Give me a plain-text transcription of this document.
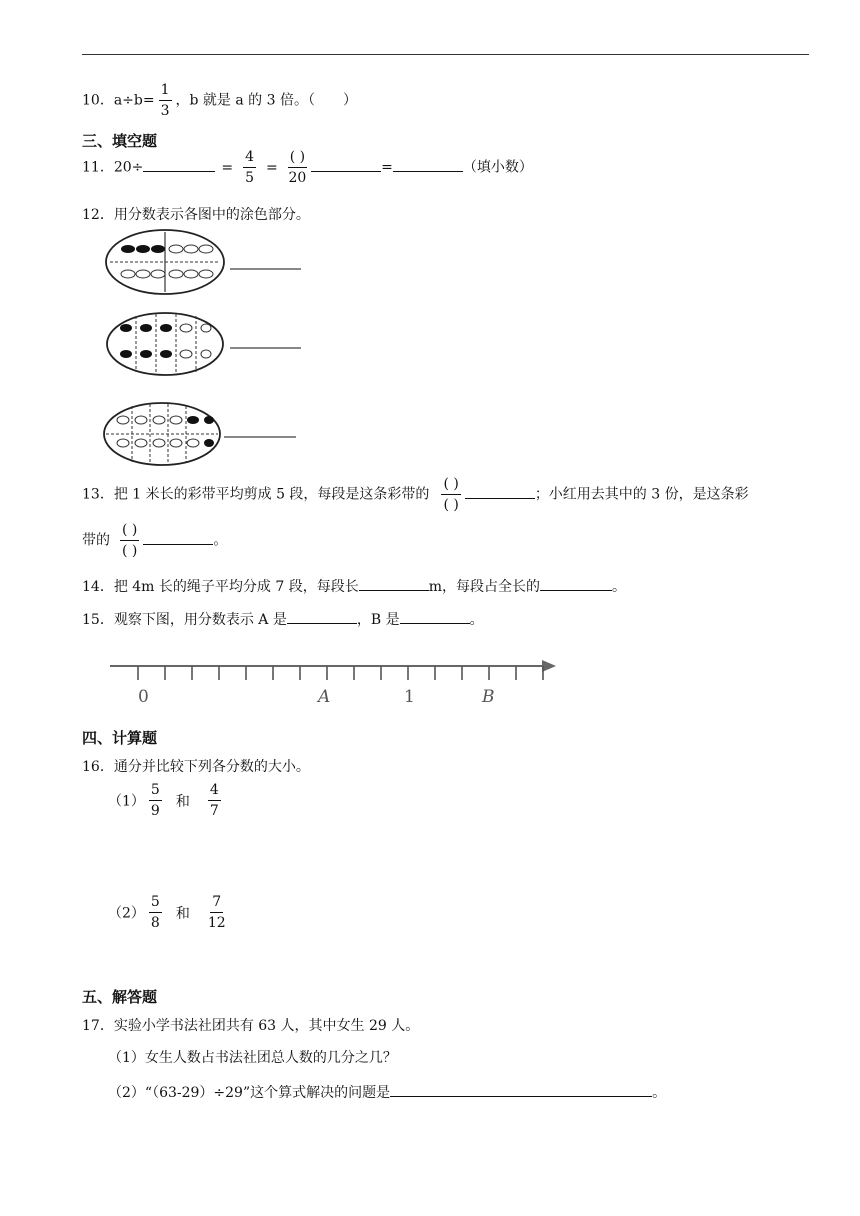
10．$a\div b= \frac{1}{3}$ ，b 就是 a 的 3 倍。（　　）
三、填空题
11．20÷	= $\frac{4}{5} = \frac{( )}{20}$	=	（填小数）
12．用分数表示各图中的涂色部分。
13．把 1 米长的彩带平均剪成 5 段，每段是这条彩带的 $\frac{( )}{( )}$	；小红用去其中的 3 份，是这条彩
带的 $\frac{( )}{( )}$	。
14．把 4m 长的绳子平均分成 7 段，每段长	m，每段占全长的	。
15．观察下图，用分数表示 A 是	，B 是	。
0	A	1	B
四、计算题
16．通分并比较下列各分数的大小。
$(1) \frac{5}{9}$ 和 $\frac{4}{7}$
$(2) \frac{5}{8}$ 和 $\frac{7}{12}$
五、解答题
17．实验小学书法社团共有 63 人，其中女生 29 人。
（1）女生人数占书法社团总人数的几分之几？
（2）“（63-29）÷29”这个算式解决的问题是	。
